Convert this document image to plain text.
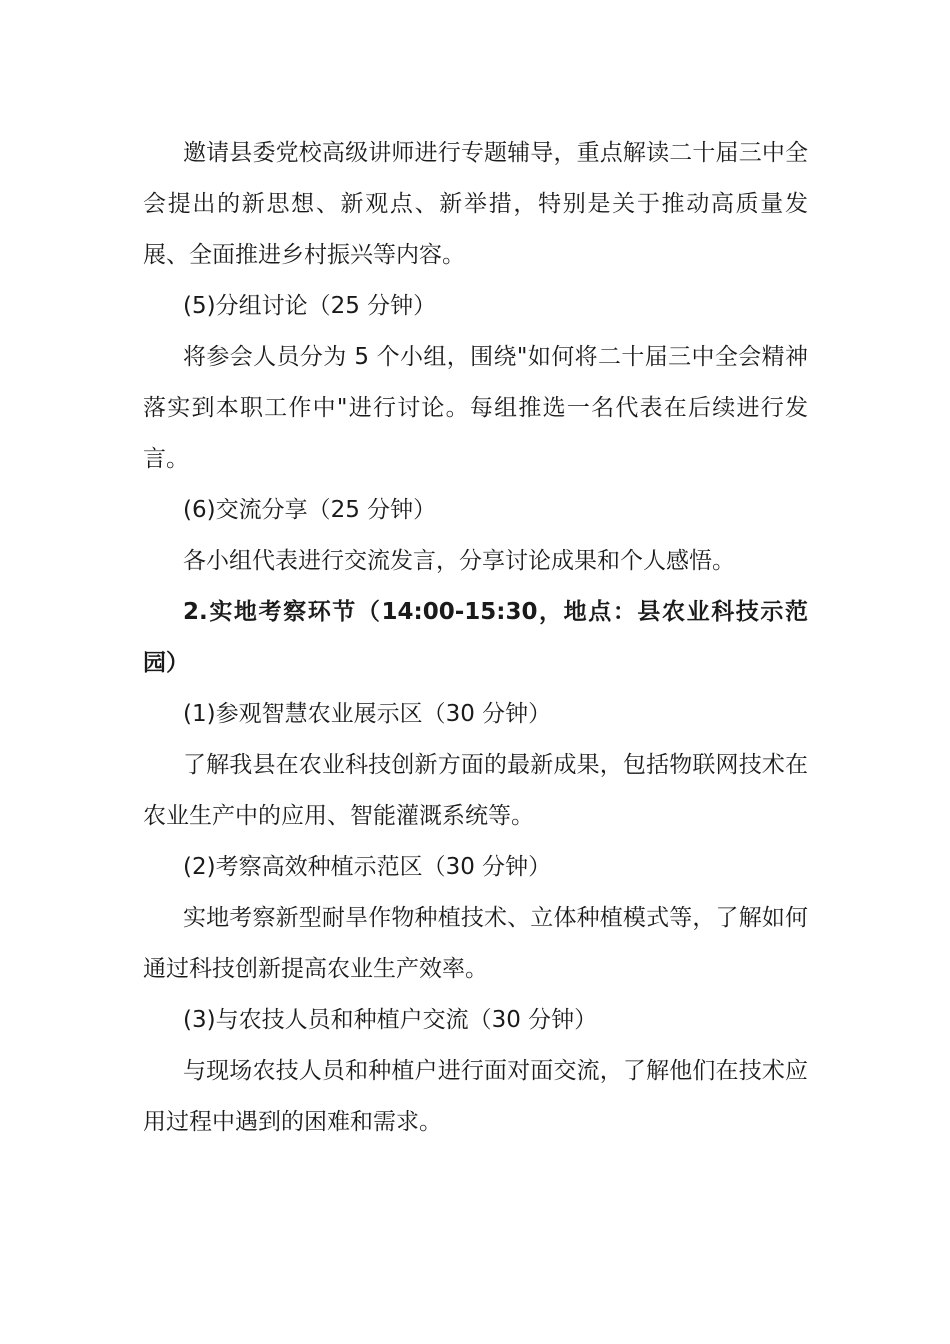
邀请县委党校高级讲师进行专题辅导，重点解读二十届三中全会提出的新思想、新观点、新举措，特别是关于推动高质量发展、全面推进乡村振兴等内容。

(5)分组讨论（25 分钟）

将参会人员分为 5 个小组，围绕"如何将二十届三中全会精神落实到本职工作中"进行讨论。每组推选一名代表在后续进行发言。

(6)交流分享（25 分钟）

各小组代表进行交流发言，分享讨论成果和个人感悟。

2.实地考察环节（14:00-15:30，地点：县农业科技示范园）

(1)参观智慧农业展示区（30 分钟）

了解我县在农业科技创新方面的最新成果，包括物联网技术在农业生产中的应用、智能灌溉系统等。

(2)考察高效种植示范区（30 分钟）

实地考察新型耐旱作物种植技术、立体种植模式等，了解如何通过科技创新提高农业生产效率。

(3)与农技人员和种植户交流（30 分钟）

与现场农技人员和种植户进行面对面交流，了解他们在技术应用过程中遇到的困难和需求。
